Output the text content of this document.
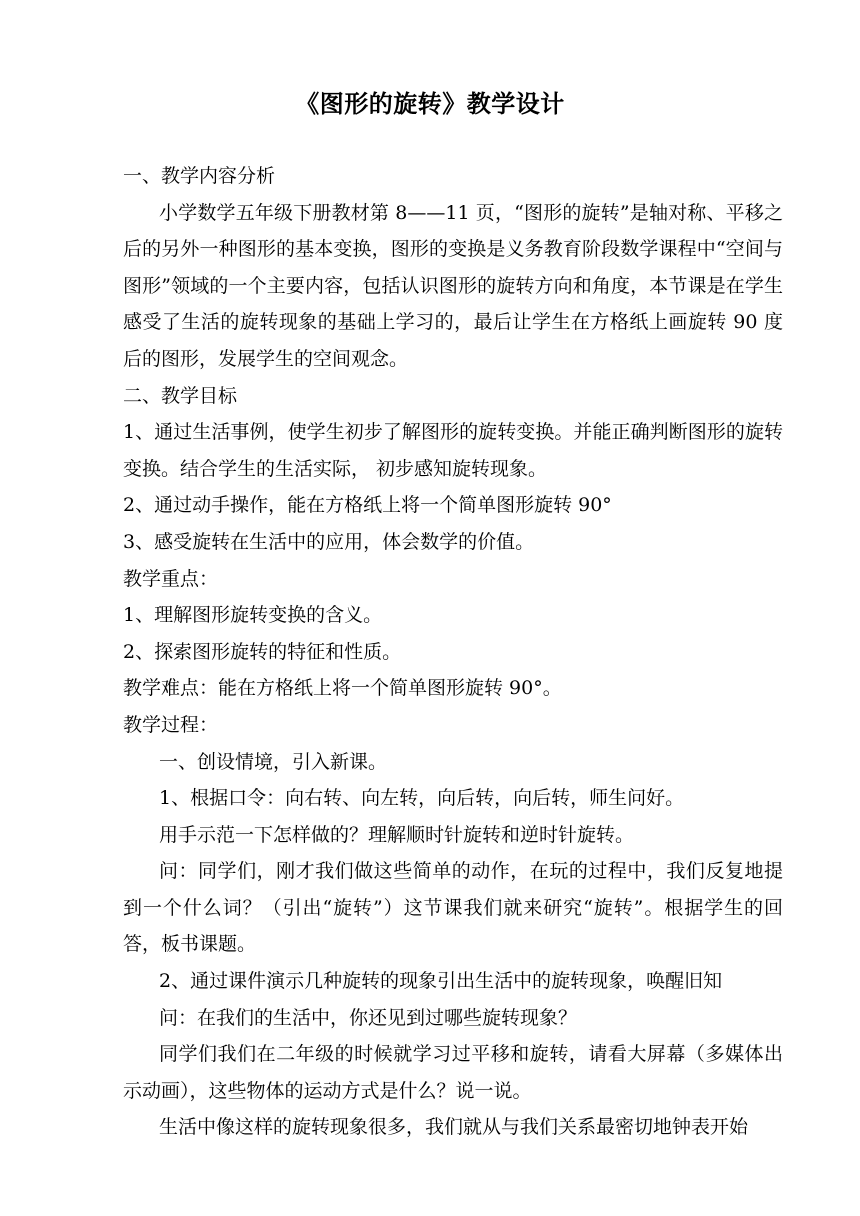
《图形的旋转》教学设计

一、教学内容分析

小学数学五年级下册教材第 8——11 页，“图形的旋转”是轴对称、平移之后的另外一种图形的基本变换，图形的变换是义务教育阶段数学课程中“空间与图形”领域的一个主要内容，包括认识图形的旋转方向和角度，本节课是在学生感受了生活的旋转现象的基础上学习的，最后让学生在方格纸上画旋转 90 度后的图形，发展学生的空间观念。

二、教学目标

1、通过生活事例，使学生初步了解图形的旋转变换。并能正确判断图形的旋转变换。结合学生的生活实际， 初步感知旋转现象。

2、通过动手操作，能在方格纸上将一个简单图形旋转 90°

3、感受旋转在生活中的应用，体会数学的价值。

教学重点：

1、理解图形旋转变换的含义。

2、探索图形旋转的特征和性质。

教学难点：能在方格纸上将一个简单图形旋转 90°。

教学过程：

一、创设情境，引入新课。

1、根据口令：向右转、向左转，向后转，向后转，师生问好。

用手示范一下怎样做的？理解顺时针旋转和逆时针旋转。

问：同学们，刚才我们做这些简单的动作，在玩的过程中，我们反复地提到一个什么词？（引出“旋转”）这节课我们就来研究“旋转”。根据学生的回答，板书课题。

2、通过课件演示几种旋转的现象引出生活中的旋转现象，唤醒旧知

问：在我们的生活中，你还见到过哪些旋转现象？

同学们我们在二年级的时候就学习过平移和旋转，请看大屏幕（多媒体出示动画），这些物体的运动方式是什么？说一说。

生活中像这样的旋转现象很多，我们就从与我们关系最密切地钟表开始
